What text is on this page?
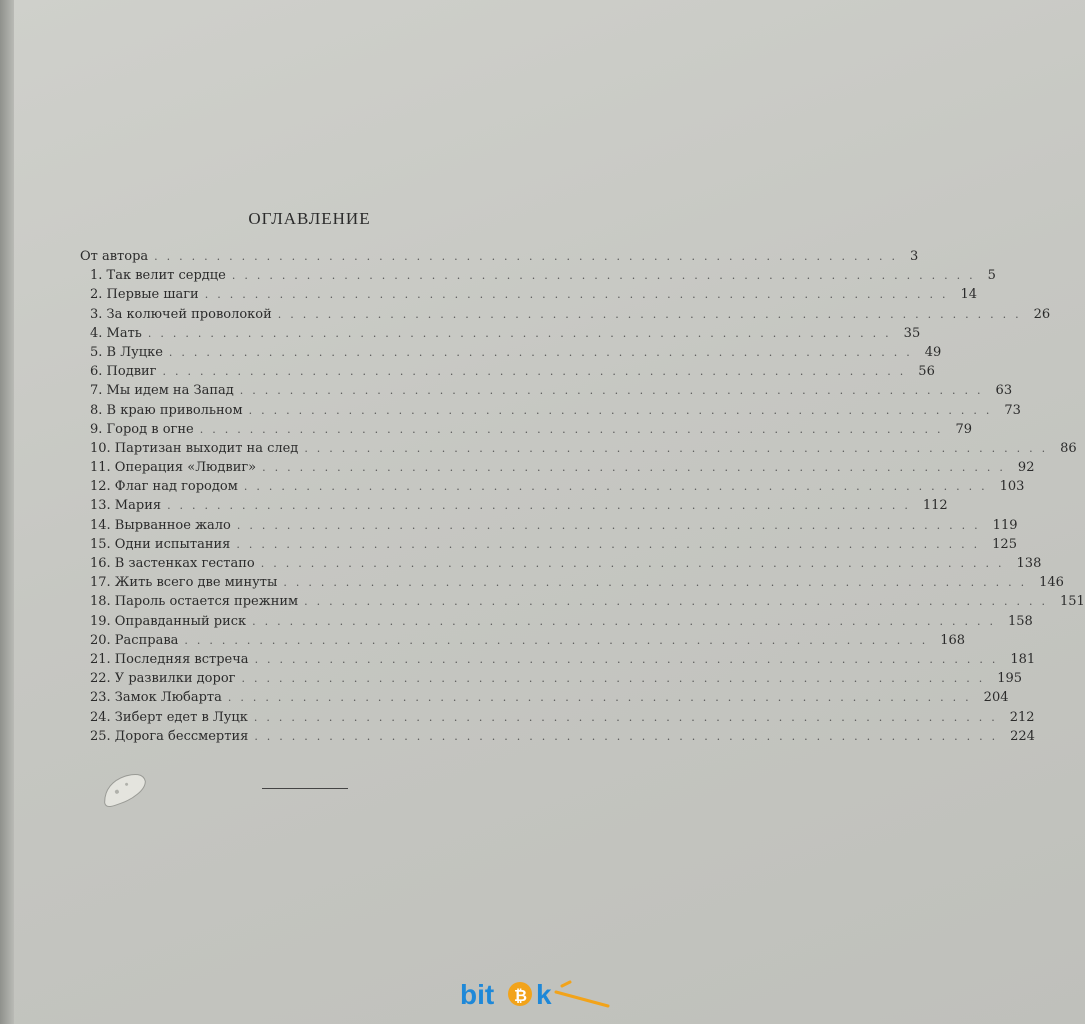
ОГЛАВЛЕНИЕ
От автора ............................................................ 3
1. Так велит сердце ............................................................ 5
2. Первые шаги ............................................................ 14
3. За колючей проволокой ............................................................ 26
4. Мать ............................................................ 35
5. В Луцке ............................................................ 49
6. Подвиг ............................................................ 56
7. Мы идем на Запад ............................................................ 63
8. В краю привольном ............................................................ 73
9. Город в огне ............................................................ 79
10. Партизан выходит на след ............................................................ 86
11. Операция «Людвиг» ............................................................ 92
12. Флаг над городом ............................................................ 103
13. Мария ............................................................ 112
14. Вырванное жало ............................................................ 119
15. Одни испытания ............................................................ 125
16. В застенках гестапо ............................................................ 138
17. Жить всего две минуты ............................................................ 146
18. Пароль остается прежним ............................................................ 151
19. Оправданный риск ............................................................ 158
20. Расправа ............................................................ 168
21. Последняя встреча ............................................................ 181
22. У развилки дорог ............................................................ 195
23. Замок Любарта ............................................................ 204
24. Зиберт едет в Луцк ............................................................ 212
25. Дорога бессмертия ............................................................ 224
bit ₿ k
